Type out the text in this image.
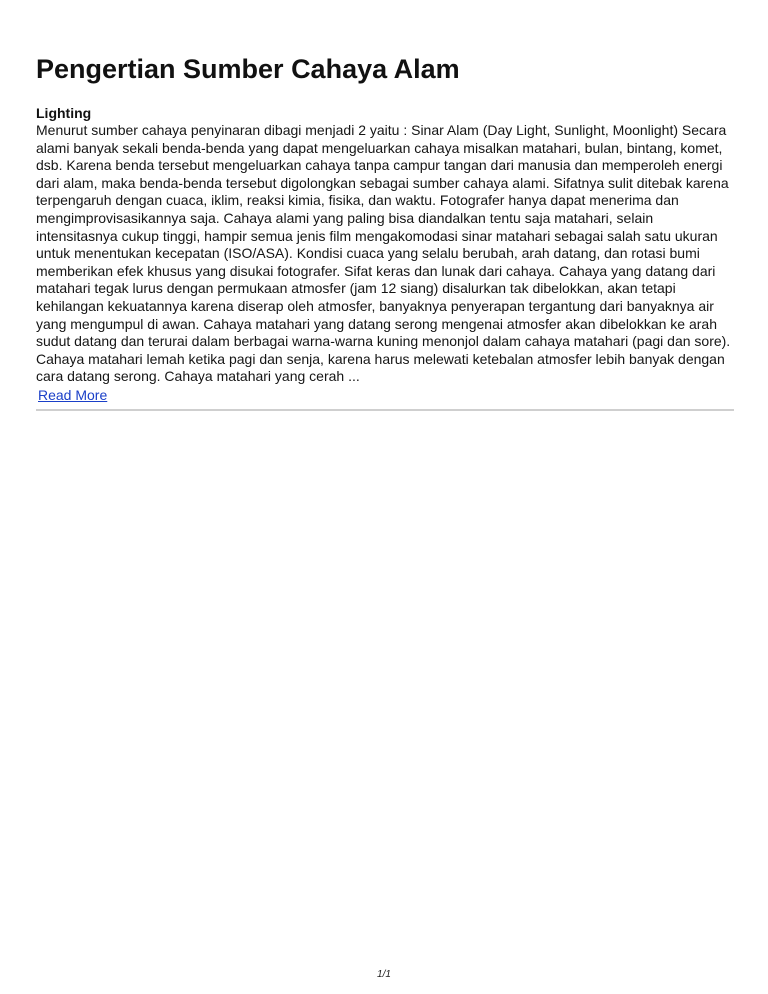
Pengertian Sumber Cahaya Alam

Lighting

Menurut sumber cahaya penyinaran dibagi menjadi 2 yaitu : Sinar Alam (Day Light, Sunlight, Moonlight) Secara alami banyak sekali benda-benda yang dapat mengeluarkan cahaya misalkan matahari, bulan, bintang, komet, dsb. Karena benda tersebut mengeluarkan cahaya tanpa campur tangan dari manusia dan memperoleh energi dari alam, maka benda-benda tersebut digolongkan sebagai sumber cahaya alami. Sifatnya sulit ditebak karena terpengaruh dengan cuaca, iklim, reaksi kimia, fisika, dan waktu. Fotografer hanya dapat menerima dan mengimprovisasikannya saja. Cahaya alami yang paling bisa diandalkan tentu saja matahari, selain intensitasnya cukup tinggi, hampir semua jenis film mengakomodasi sinar matahari sebagai salah satu ukuran untuk menentukan kecepatan (ISO/ASA). Kondisi cuaca yang selalu berubah, arah datang, dan rotasi bumi memberikan efek khusus yang disukai fotografer. Sifat keras dan lunak dari cahaya. Cahaya yang datang dari matahari tegak lurus dengan permukaan atmosfer (jam 12 siang) disalurkan tak dibelokkan, akan tetapi kehilangan kekuatannya karena diserap oleh atmosfer, banyaknya penyerapan tergantung dari banyaknya air yang mengumpul di awan. Cahaya matahari yang datang serong mengenai atmosfer akan dibelokkan ke arah sudut datang dan terurai dalam berbagai warna-warna kuning menonjol dalam cahaya matahari (pagi dan sore). Cahaya matahari lemah ketika pagi dan senja, karena harus melewati ketebalan atmosfer lebih banyak dengan cara datang serong. Cahaya matahari yang cerah ...

Read More
1/1
